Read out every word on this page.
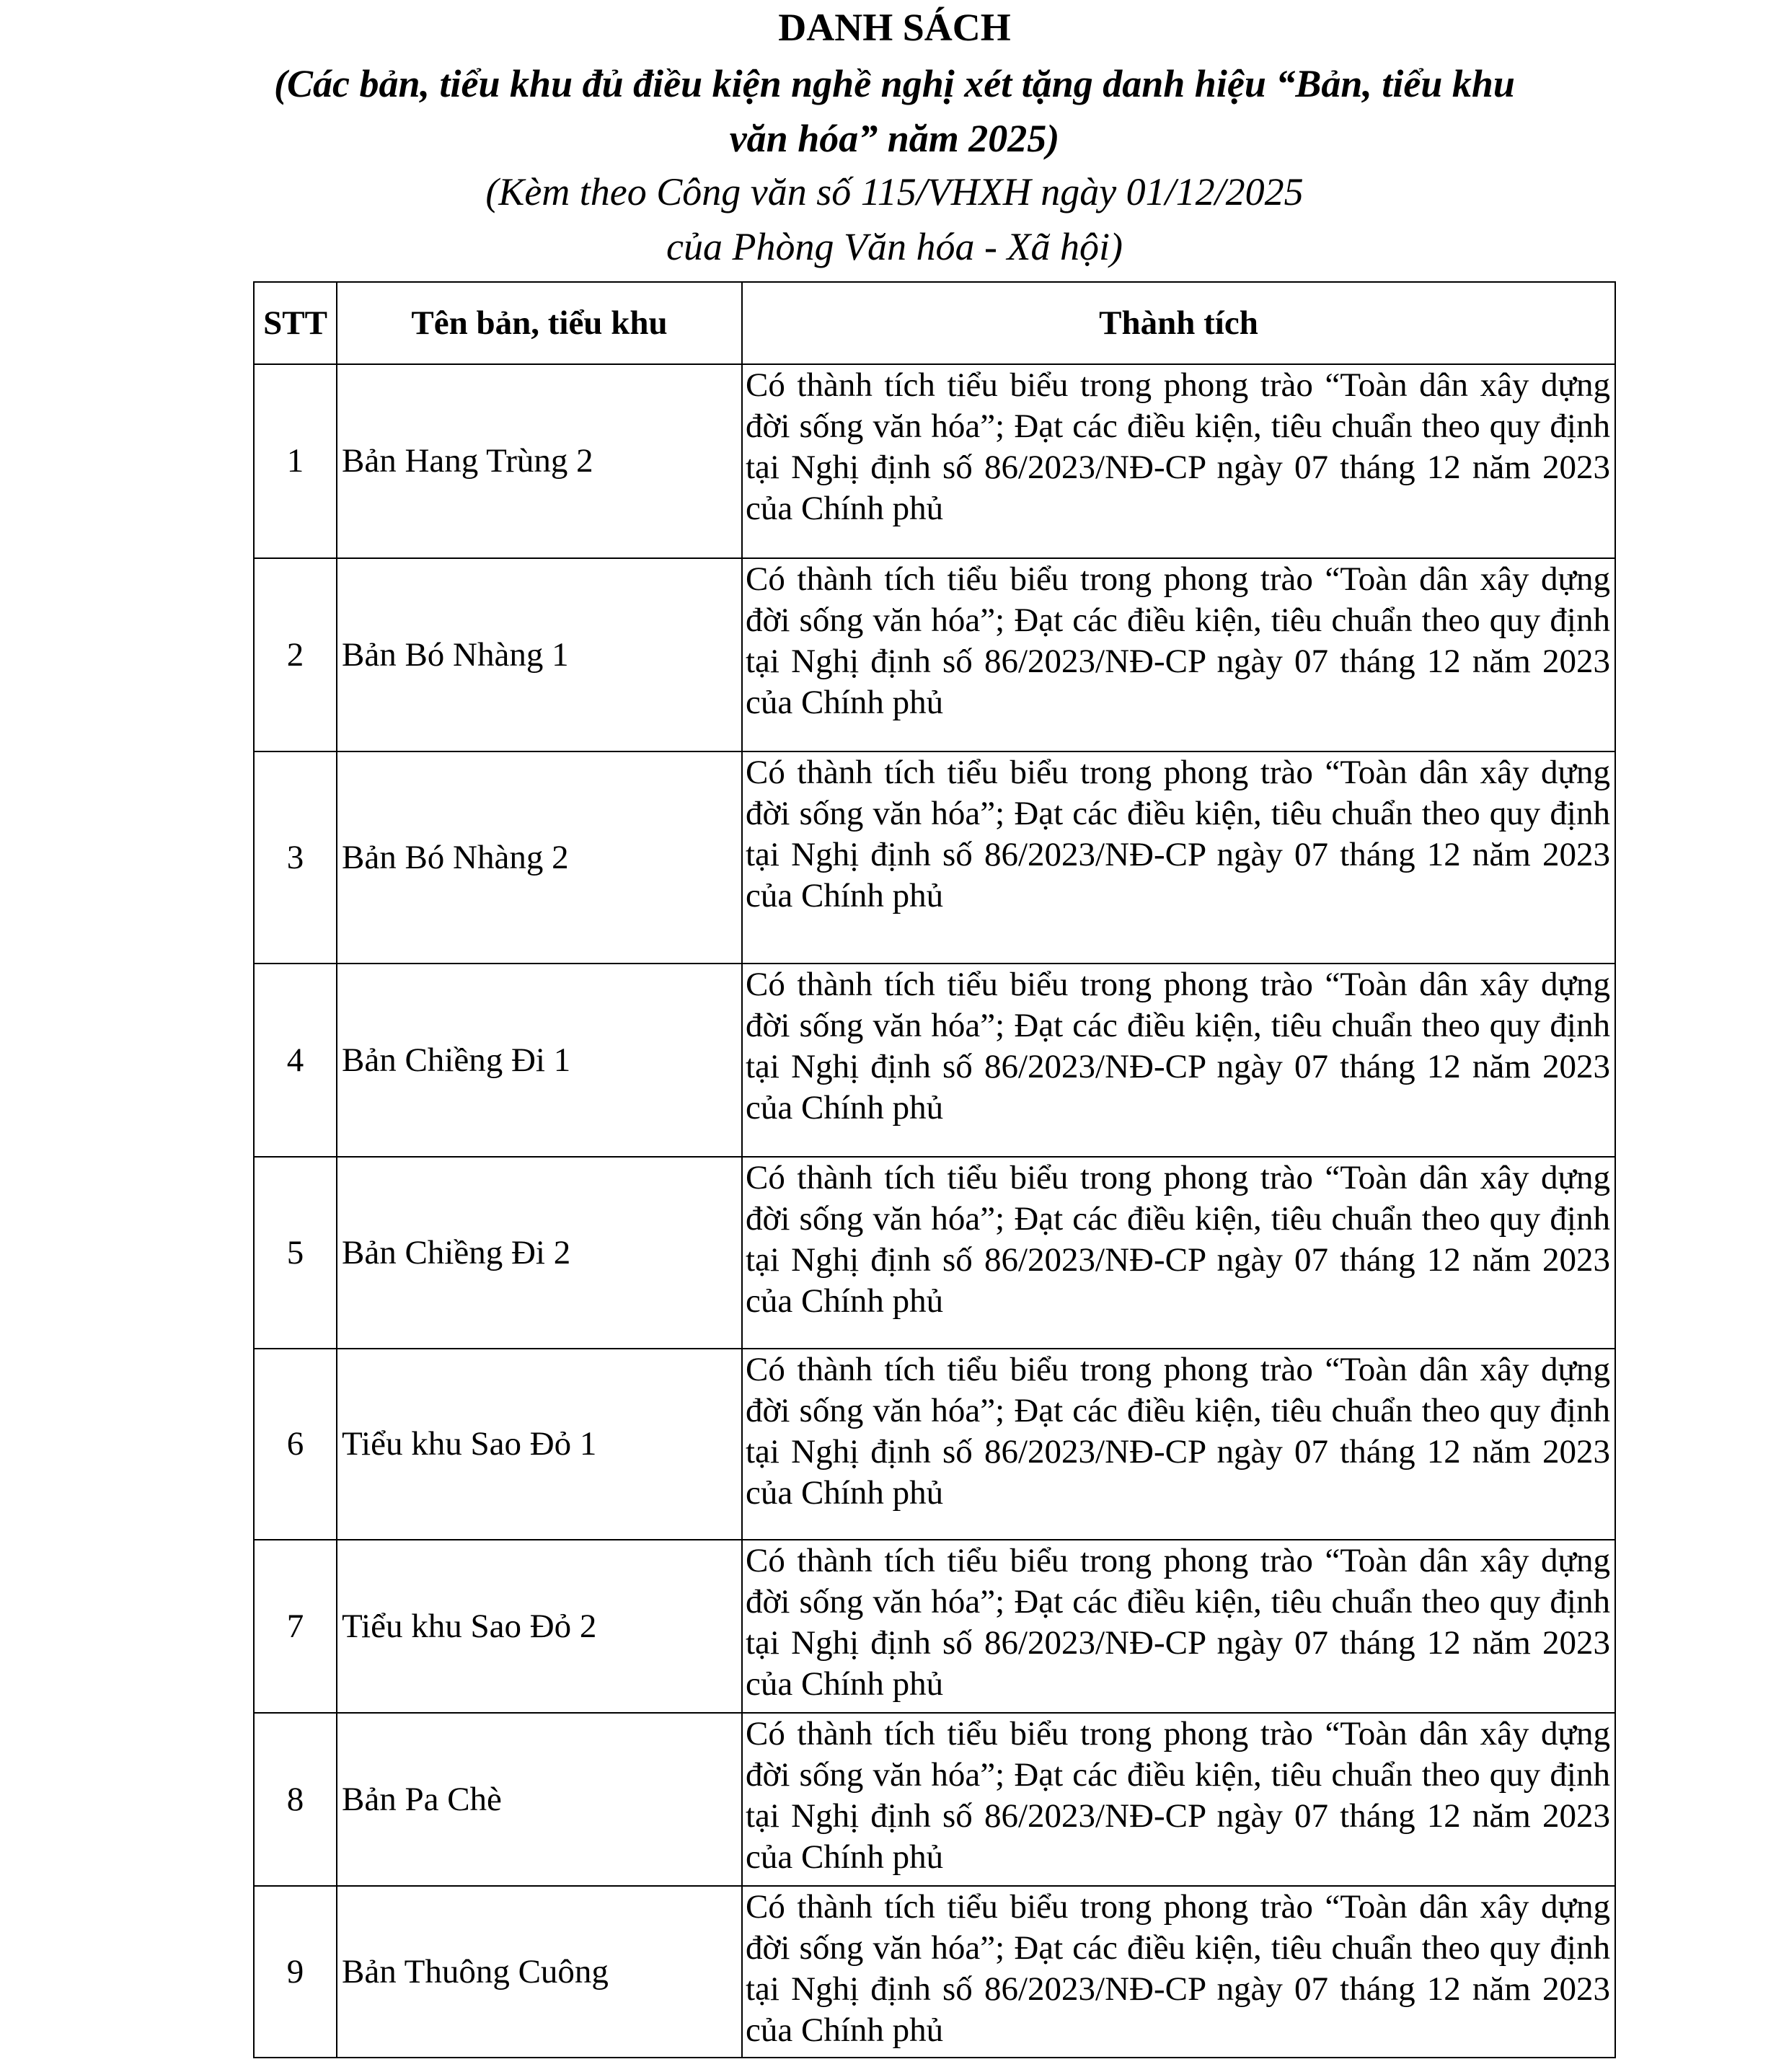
DANH SÁCH
(Các bản, tiểu khu đủ điều kiện nghề nghị xét tặng danh hiệu “Bản, tiểu khu
văn hóa” năm 2025)
(Kèm theo Công văn số 115/VHXH ngày 01/12/2025
của Phòng Văn hóa - Xã hội)
STT	Tên bản, tiểu khu	Thành tích
1	Bản Hang Trùng 2	Có thành tích tiểu biểu trong phong trào “Toàn dân xây dựng đời sống văn hóa”; Đạt các điều kiện, tiêu chuẩn theo quy định tại Nghị định số 86/2023/NĐ-CP ngày 07 tháng 12 năm 2023 của Chính phủ
2	Bản Bó Nhàng 1	Có thành tích tiểu biểu trong phong trào “Toàn dân xây dựng đời sống văn hóa”; Đạt các điều kiện, tiêu chuẩn theo quy định tại Nghị định số 86/2023/NĐ-CP ngày 07 tháng 12 năm 2023 của Chính phủ
3	Bản Bó Nhàng 2	Có thành tích tiểu biểu trong phong trào “Toàn dân xây dựng đời sống văn hóa”; Đạt các điều kiện, tiêu chuẩn theo quy định tại Nghị định số 86/2023/NĐ-CP ngày 07 tháng 12 năm 2023 của Chính phủ
4	Bản Chiềng Đi 1	Có thành tích tiểu biểu trong phong trào “Toàn dân xây dựng đời sống văn hóa”; Đạt các điều kiện, tiêu chuẩn theo quy định tại Nghị định số 86/2023/NĐ-CP ngày 07 tháng 12 năm 2023 của Chính phủ
5	Bản Chiềng Đi 2	Có thành tích tiểu biểu trong phong trào “Toàn dân xây dựng đời sống văn hóa”; Đạt các điều kiện, tiêu chuẩn theo quy định tại Nghị định số 86/2023/NĐ-CP ngày 07 tháng 12 năm 2023 của Chính phủ
6	Tiểu khu Sao Đỏ 1	Có thành tích tiểu biểu trong phong trào “Toàn dân xây dựng đời sống văn hóa”; Đạt các điều kiện, tiêu chuẩn theo quy định tại Nghị định số 86/2023/NĐ-CP ngày 07 tháng 12 năm 2023 của Chính phủ
7	Tiểu khu Sao Đỏ 2	Có thành tích tiểu biểu trong phong trào “Toàn dân xây dựng đời sống văn hóa”; Đạt các điều kiện, tiêu chuẩn theo quy định tại Nghị định số 86/2023/NĐ-CP ngày 07 tháng 12 năm 2023 của Chính phủ
8	Bản Pa Chè	Có thành tích tiểu biểu trong phong trào “Toàn dân xây dựng đời sống văn hóa”; Đạt các điều kiện, tiêu chuẩn theo quy định tại Nghị định số 86/2023/NĐ-CP ngày 07 tháng 12 năm 2023 của Chính phủ
9	Bản Thuông Cuông	Có thành tích tiểu biểu trong phong trào “Toàn dân xây dựng đời sống văn hóa”; Đạt các điều kiện, tiêu chuẩn theo quy định tại Nghị định số 86/2023/NĐ-CP ngày 07 tháng 12 năm 2023 của Chính phủ
